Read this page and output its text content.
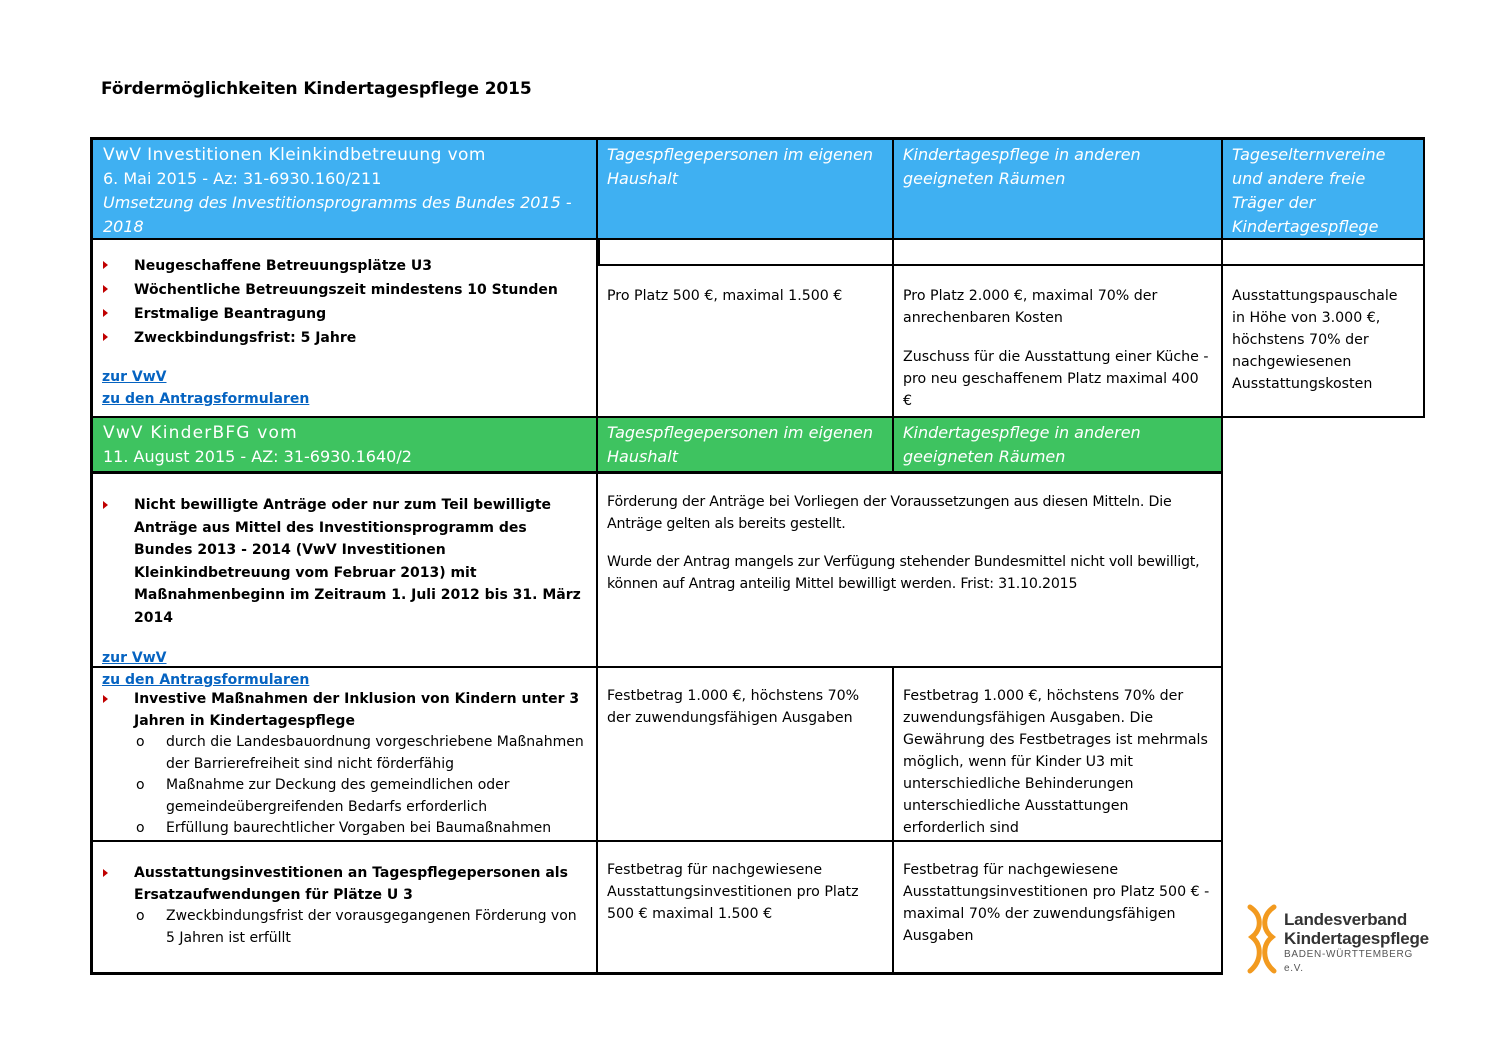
Fördermöglichkeiten Kindertagespflege 2015
VwV Investitionen Kleinkindbetreuung vom
6. Mai 2015 - Az: 31-6930.160/211
Umsetzung des Investitionsprogramms des Bundes 2015 - 2018
Tagespflegepersonen im eigenen Haushalt
Kindertagespflege in anderen geeigneten Räumen
Tageselternvereine und andere freie Träger der Kindertagespflege
Neugeschaffene Betreuungsplätze U3
Wöchentliche Betreuungszeit mindestens 10 Stunden
Erstmalige Beantragung
Zweckbindungsfrist: 5 Jahre
zur VwV
zu den Antragsformularen

Pro Platz 500 €, maximal 1.500 €	Pro Platz 2.000 €, maximal 70% der anrechenbaren Kosten

Zuschuss für die Ausstattung einer Küche - pro neu geschaffenem Platz maximal 400 €

Ausstattungspauschale in Höhe von 3.000 €, höchstens 70% der nachgewiesenen Ausstattungskosten

VwV KinderBFG vom
11. August 2015 - AZ: 31-6930.1640/2
Tagespflegepersonen im eigenen Haushalt
Kindertagespflege in anderen geeigneten Räumen
Nicht bewilligte Anträge oder nur zum Teil bewilligte Anträge aus Mittel des Investitionsprogramm des Bundes 2013 - 2014 (VwV Investitionen Kleinkindbetreuung vom Februar 2013) mit Maßnahmenbeginn im Zeitraum 1. Juli 2012 bis 31. März 2014
zur VwV
zu den Antragsformularen

Förderung der Anträge bei Vorliegen der Voraussetzungen aus diesen Mitteln. Die Anträge gelten als bereits gestellt.

Wurde der Antrag mangels zur Verfügung stehender Bundesmittel nicht voll bewilligt, können auf Antrag anteilig Mittel bewilligt werden. Frist: 31.10.2015

Investive Maßnahmen der Inklusion von Kindern unter 3 Jahren in Kindertagespflege
o durch die Landesbauordnung vorgeschriebene Maßnahmen der Barrierefreiheit sind nicht förderfähig
o Maßnahme zur Deckung des gemeindlichen oder gemeindeübergreifenden Bedarfs erforderlich
o Erfüllung baurechtlicher Vorgaben bei Baumaßnahmen

Festbetrag 1.000 €, höchstens 70% der zuwendungsfähigen Ausgaben

Festbetrag 1.000 €, höchstens 70% der zuwendungsfähigen Ausgaben. Die Gewährung des Festbetrages ist mehrmals möglich, wenn für Kinder U3 mit unterschiedliche Behinderungen unterschiedliche Ausstattungen erforderlich sind

Ausstattungsinvestitionen an Tagespflegepersonen als Ersatzaufwendungen für Plätze U 3
o Zweckbindungsfrist der vorausgegangenen Förderung von 5 Jahren ist erfüllt

Festbetrag für nachgewiesene Ausstattungsinvestitionen pro Platz 500 € maximal 1.500 €

Festbetrag für nachgewiesene Ausstattungsinvestitionen pro Platz 500 € - maximal 70% der zuwendungsfähigen Ausgaben

Landesverband
Kindertagespflege
BADEN-WÜRTTEMBERG e.V.
